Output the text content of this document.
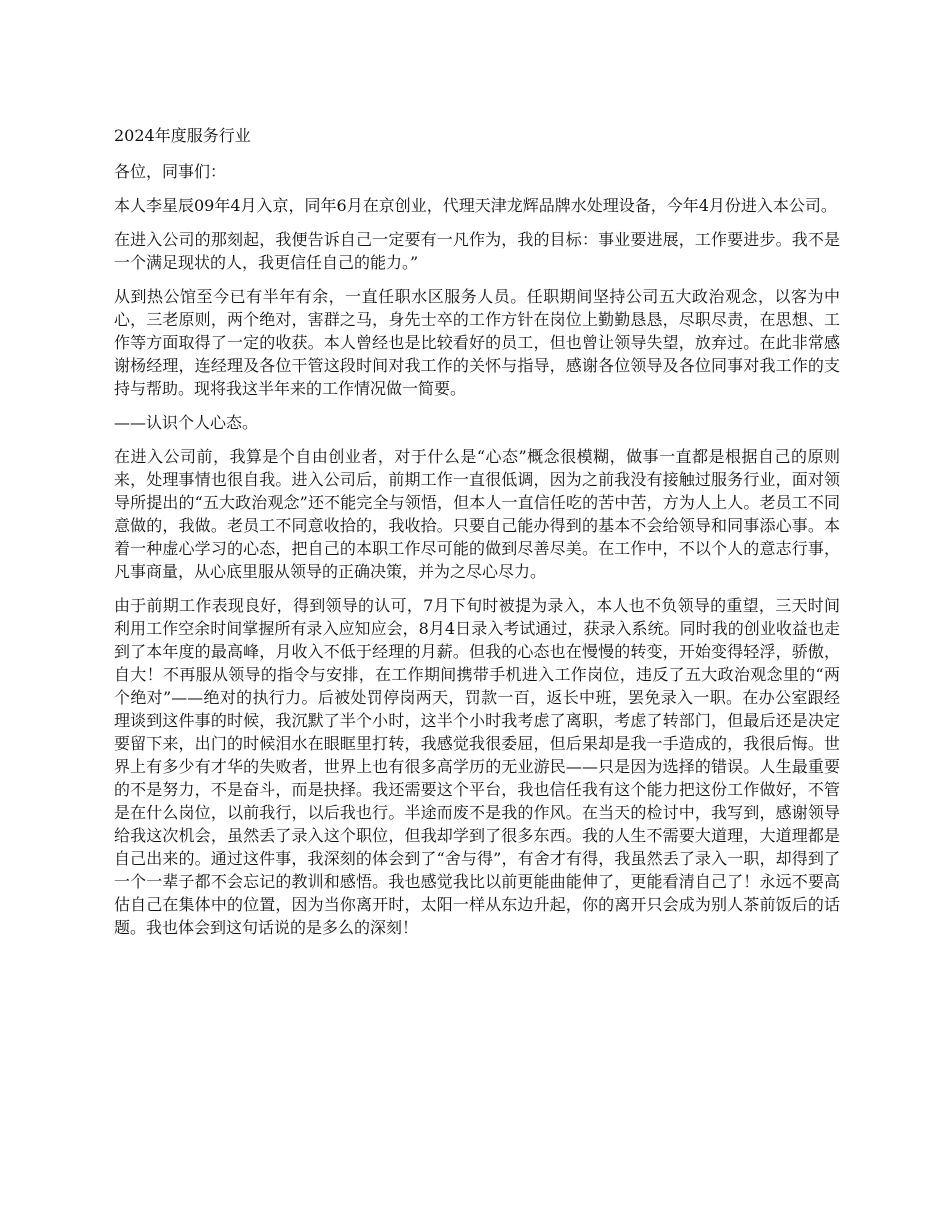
2024年度服务行业

各位，同事们：

本人李星辰09年4月入京，同年6月在京创业，代理天津龙辉品牌水处理设备，今年4月份进入本公司。

在进入公司的那刻起，我便告诉自己一定要有一凡作为，我的目标：事业要进展，工作要进步。我不是一个满足现状的人，我更信任自己的能力。”

从到热公馆至今已有半年有余，一直任职水区服务人员。任职期间坚持公司五大政治观念，以客为中心，三老原则，两个绝对，害群之马，身先士卒的工作方针在岗位上勤勤恳恳，尽职尽责，在思想、工作等方面取得了一定的收获。本人曾经也是比较看好的员工，但也曾让领导失望，放弃过。在此非常感谢杨经理，连经理及各位干管这段时间对我工作的关怀与指导，感谢各位领导及各位同事对我工作的支持与帮助。现将我这半年来的工作情况做一简要。

——认识个人心态。

在进入公司前，我算是个自由创业者，对于什么是“心态”概念很模糊，做事一直都是根据自己的原则来，处理事情也很自我。进入公司后，前期工作一直很低调，因为之前我没有接触过服务行业，面对领导所提出的“五大政治观念”还不能完全与领悟，但本人一直信任吃的苦中苦，方为人上人。老员工不同意做的，我做。老员工不同意收拾的，我收拾。只要自己能办得到的基本不会给领导和同事添心事。本着一种虚心学习的心态，把自己的本职工作尽可能的做到尽善尽美。在工作中，不以个人的意志行事，凡事商量，从心底里服从领导的正确决策，并为之尽心尽力。

由于前期工作表现良好，得到领导的认可，7月下旬时被提为录入，本人也不负领导的重望，三天时间利用工作空余时间掌握所有录入应知应会，8月4日录入考试通过，获录入系统。同时我的创业收益也走到了本年度的最高峰，月收入不低于经理的月薪。但我的心态也在慢慢的转变，开始变得轻浮，骄傲，自大！不再服从领导的指令与安排，在工作期间携带手机进入工作岗位，违反了五大政治观念里的“两个绝对”——绝对的执行力。后被处罚停岗两天，罚款一百，返长中班，罢免录入一职。在办公室跟经理谈到这件事的时候，我沉默了半个小时，这半个小时我考虑了离职，考虑了转部门，但最后还是决定要留下来，出门的时候泪水在眼眶里打转，我感觉我很委屈，但后果却是我一手造成的，我很后悔。世界上有多少有才华的失败者，世界上也有很多高学历的无业游民——只是因为选择的错误。人生最重要的不是努力，不是奋斗，而是抉择。我还需要这个平台，我也信任我有这个能力把这份工作做好，不管是在什么岗位，以前我行，以后我也行。半途而废不是我的作风。在当天的检讨中，我写到，感谢领导给我这次机会，虽然丢了录入这个职位，但我却学到了很多东西。我的人生不需要大道理，大道理都是自己出来的。通过这件事，我深刻的体会到了“舍与得”，有舍才有得，我虽然丢了录入一职，却得到了一个一辈子都不会忘记的教训和感悟。我也感觉我比以前更能曲能伸了，更能看清自己了！永远不要高估自己在集体中的位置，因为当你离开时，太阳一样从东边升起，你的离开只会成为别人茶前饭后的话题。我也体会到这句话说的是多么的深刻！
